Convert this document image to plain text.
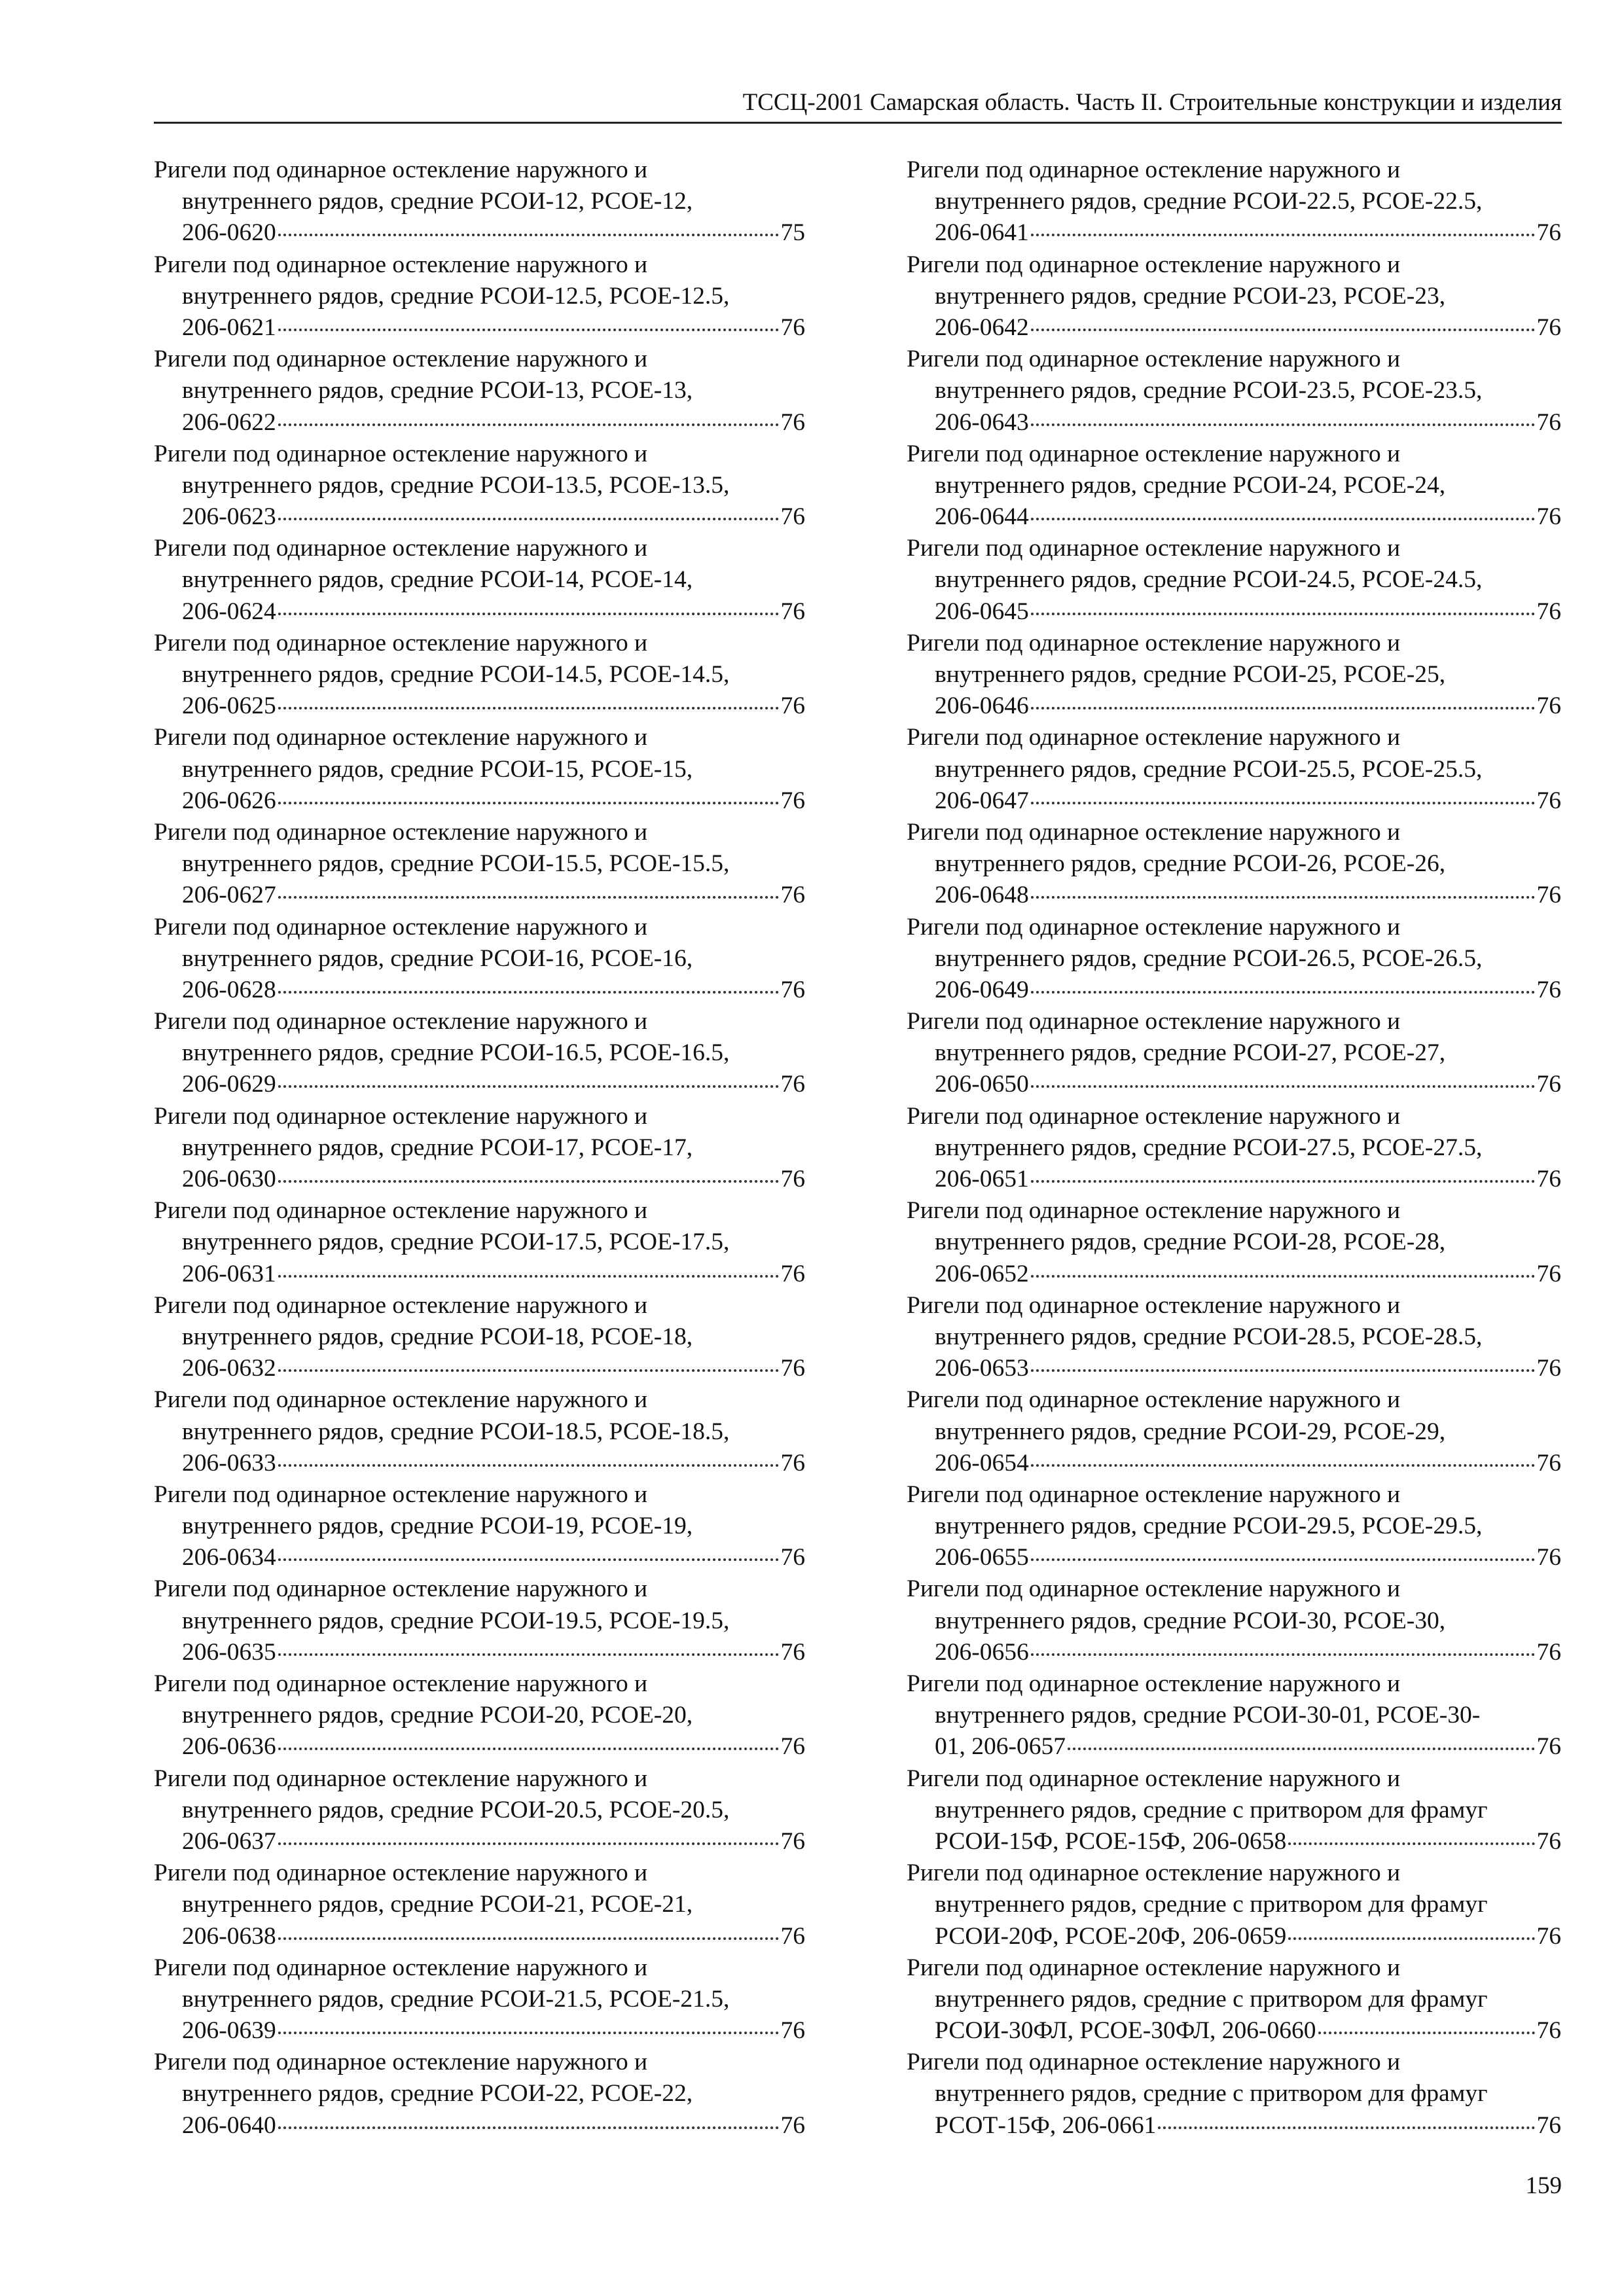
ТССЦ-2001 Самарская область. Часть II. Строительные конструкции и изделия
Ригели под одинарное остекление наружного и
внутреннего рядов, средние РСОИ-12, РСОЕ-12,
206-0620	75
Ригели под одинарное остекление наружного и
внутреннего рядов, средние РСОИ-12.5, РСОЕ-12.5,
206-0621	76
Ригели под одинарное остекление наружного и
внутреннего рядов, средние РСОИ-13, РСОЕ-13,
206-0622	76
Ригели под одинарное остекление наружного и
внутреннего рядов, средние РСОИ-13.5, РСОЕ-13.5,
206-0623	76
Ригели под одинарное остекление наружного и
внутреннего рядов, средние РСОИ-14, РСОЕ-14,
206-0624	76
Ригели под одинарное остекление наружного и
внутреннего рядов, средние РСОИ-14.5, РСОЕ-14.5,
206-0625	76
Ригели под одинарное остекление наружного и
внутреннего рядов, средние РСОИ-15, РСОЕ-15,
206-0626	76
Ригели под одинарное остекление наружного и
внутреннего рядов, средние РСОИ-15.5, РСОЕ-15.5,
206-0627	76
Ригели под одинарное остекление наружного и
внутреннего рядов, средние РСОИ-16, РСОЕ-16,
206-0628	76
Ригели под одинарное остекление наружного и
внутреннего рядов, средние РСОИ-16.5, РСОЕ-16.5,
206-0629	76
Ригели под одинарное остекление наружного и
внутреннего рядов, средние РСОИ-17, РСОЕ-17,
206-0630	76
Ригели под одинарное остекление наружного и
внутреннего рядов, средние РСОИ-17.5, РСОЕ-17.5,
206-0631	76
Ригели под одинарное остекление наружного и
внутреннего рядов, средние РСОИ-18, РСОЕ-18,
206-0632	76
Ригели под одинарное остекление наружного и
внутреннего рядов, средние РСОИ-18.5, РСОЕ-18.5,
206-0633	76
Ригели под одинарное остекление наружного и
внутреннего рядов, средние РСОИ-19, РСОЕ-19,
206-0634	76
Ригели под одинарное остекление наружного и
внутреннего рядов, средние РСОИ-19.5, РСОЕ-19.5,
206-0635	76
Ригели под одинарное остекление наружного и
внутреннего рядов, средние РСОИ-20, РСОЕ-20,
206-0636	76
Ригели под одинарное остекление наружного и
внутреннего рядов, средние РСОИ-20.5, РСОЕ-20.5,
206-0637	76
Ригели под одинарное остекление наружного и
внутреннего рядов, средние РСОИ-21, РСОЕ-21,
206-0638	76
Ригели под одинарное остекление наружного и
внутреннего рядов, средние РСОИ-21.5, РСОЕ-21.5,
206-0639	76
Ригели под одинарное остекление наружного и
внутреннего рядов, средние РСОИ-22, РСОЕ-22,
206-0640	76
Ригели под одинарное остекление наружного и
внутреннего рядов, средние РСОИ-22.5, РСОЕ-22.5,
206-0641	76
Ригели под одинарное остекление наружного и
внутреннего рядов, средние РСОИ-23, РСОЕ-23,
206-0642	76
Ригели под одинарное остекление наружного и
внутреннего рядов, средние РСОИ-23.5, РСОЕ-23.5,
206-0643	76
Ригели под одинарное остекление наружного и
внутреннего рядов, средние РСОИ-24, РСОЕ-24,
206-0644	76
Ригели под одинарное остекление наружного и
внутреннего рядов, средние РСОИ-24.5, РСОЕ-24.5,
206-0645	76
Ригели под одинарное остекление наружного и
внутреннего рядов, средние РСОИ-25, РСОЕ-25,
206-0646	76
Ригели под одинарное остекление наружного и
внутреннего рядов, средние РСОИ-25.5, РСОЕ-25.5,
206-0647	76
Ригели под одинарное остекление наружного и
внутреннего рядов, средние РСОИ-26, РСОЕ-26,
206-0648	76
Ригели под одинарное остекление наружного и
внутреннего рядов, средние РСОИ-26.5, РСОЕ-26.5,
206-0649	76
Ригели под одинарное остекление наружного и
внутреннего рядов, средние РСОИ-27, РСОЕ-27,
206-0650	76
Ригели под одинарное остекление наружного и
внутреннего рядов, средние РСОИ-27.5, РСОЕ-27.5,
206-0651	76
Ригели под одинарное остекление наружного и
внутреннего рядов, средние РСОИ-28, РСОЕ-28,
206-0652	76
Ригели под одинарное остекление наружного и
внутреннего рядов, средние РСОИ-28.5, РСОЕ-28.5,
206-0653	76
Ригели под одинарное остекление наружного и
внутреннего рядов, средние РСОИ-29, РСОЕ-29,
206-0654	76
Ригели под одинарное остекление наружного и
внутреннего рядов, средние РСОИ-29.5, РСОЕ-29.5,
206-0655	76
Ригели под одинарное остекление наружного и
внутреннего рядов, средние РСОИ-30, РСОЕ-30,
206-0656	76
Ригели под одинарное остекление наружного и
внутреннего рядов, средние РСОИ-30-01, РСОЕ-30-
01, 206-0657	76
Ригели под одинарное остекление наружного и
внутреннего рядов, средние с притвором для фрамуг
РСОИ-15Ф, РСОЕ-15Ф, 206-0658	76
Ригели под одинарное остекление наружного и
внутреннего рядов, средние с притвором для фрамуг
РСОИ-20Ф, РСОЕ-20Ф, 206-0659	76
Ригели под одинарное остекление наружного и
внутреннего рядов, средние с притвором для фрамуг
РСОИ-30ФЛ, РСОЕ-30ФЛ, 206-0660	76
Ригели под одинарное остекление наружного и
внутреннего рядов, средние с притвором для фрамуг
РСОТ-15Ф, 206-0661	76
159
